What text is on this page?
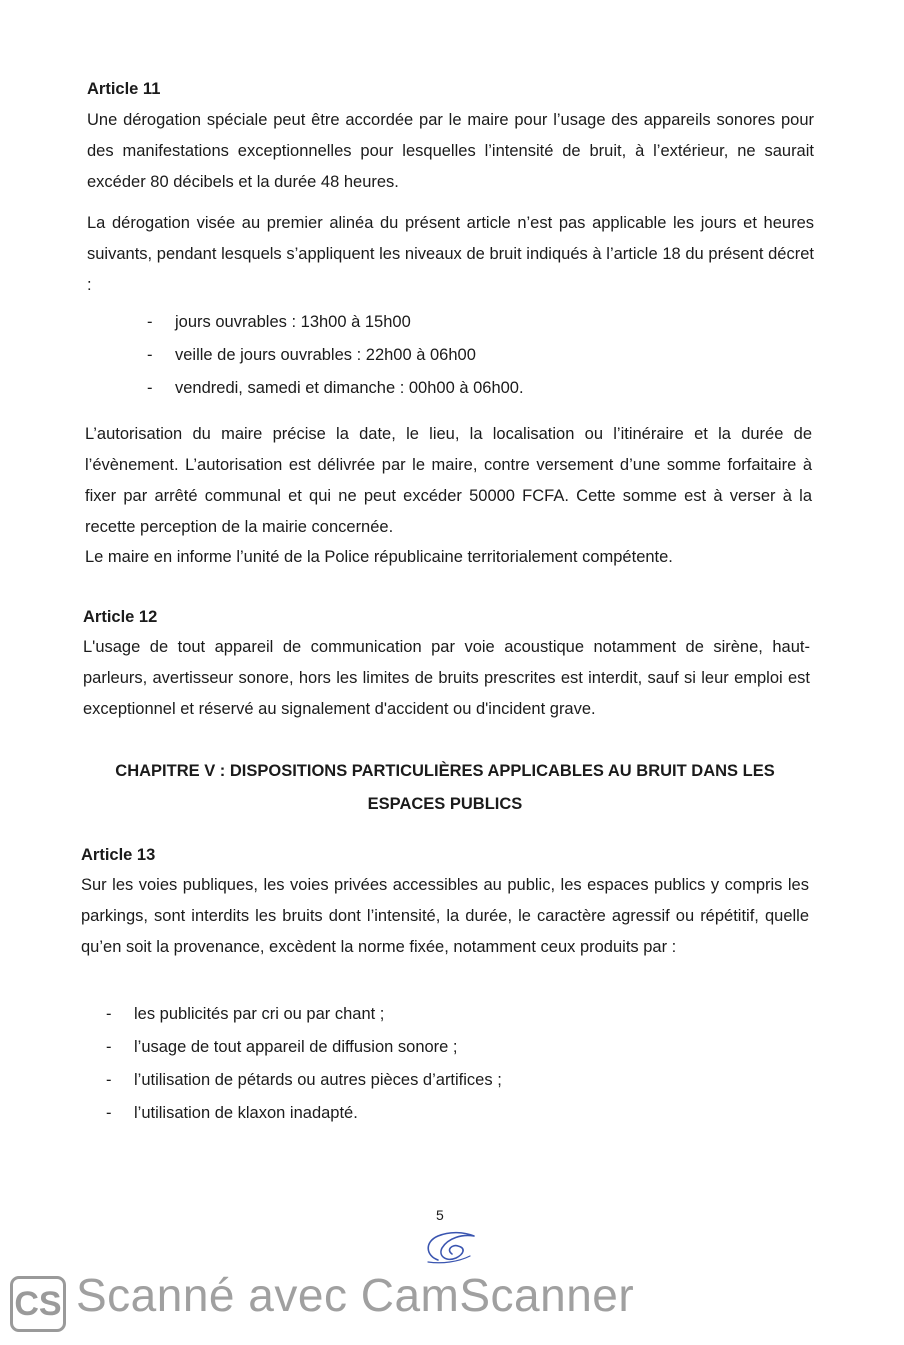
Article 11

Une dérogation spéciale peut être accordée par le maire pour l’usage des appareils sonores pour des manifestations exceptionnelles pour lesquelles l’intensité de bruit, à l’extérieur, ne saurait excéder 80 décibels et la durée 48 heures.

La dérogation visée au premier alinéa du présent article n’est pas applicable les jours et heures suivants, pendant lesquels s’appliquent les niveaux de bruit indiqués à l’article 18 du présent décret :

-	jours ouvrables : 13h00 à 15h00
-	veille de jours ouvrables : 22h00 à 06h00
-	vendredi, samedi et dimanche : 00h00 à 06h00.

L’autorisation du maire précise la date, le lieu, la localisation ou l’itinéraire et la durée de l’évènement. L’autorisation est délivrée par le maire, contre versement d’une somme forfaitaire à fixer par arrêté communal et qui ne peut excéder 50000 FCFA. Cette somme est à verser à la recette perception de la mairie concernée.

Le maire en informe l’unité de la Police républicaine territorialement compétente.

Article 12

L'usage de tout appareil de communication par voie acoustique notamment de sirène, haut-parleurs, avertisseur sonore, hors les limites de bruits prescrites est interdit, sauf si leur emploi est exceptionnel et réservé au signalement d'accident ou d'incident grave.

CHAPITRE V : DISPOSITIONS PARTICULIÈRES APPLICABLES AU BRUIT DANS LES

ESPACES PUBLICS

Article 13

Sur les voies publiques, les voies privées accessibles au public, les espaces publics y compris les parkings, sont interdits les bruits dont l’intensité, la durée, le caractère agressif ou répétitif, quelle qu’en soit la provenance, excèdent la norme fixée, notamment ceux produits par :

-	les publicités par cri ou par chant ;
-	l’usage de tout appareil de diffusion sonore ;
-	l’utilisation de pétards ou autres pièces d’artifices ;
-	l’utilisation de klaxon inadapté.
5
CS Scanné avec CamScanner
